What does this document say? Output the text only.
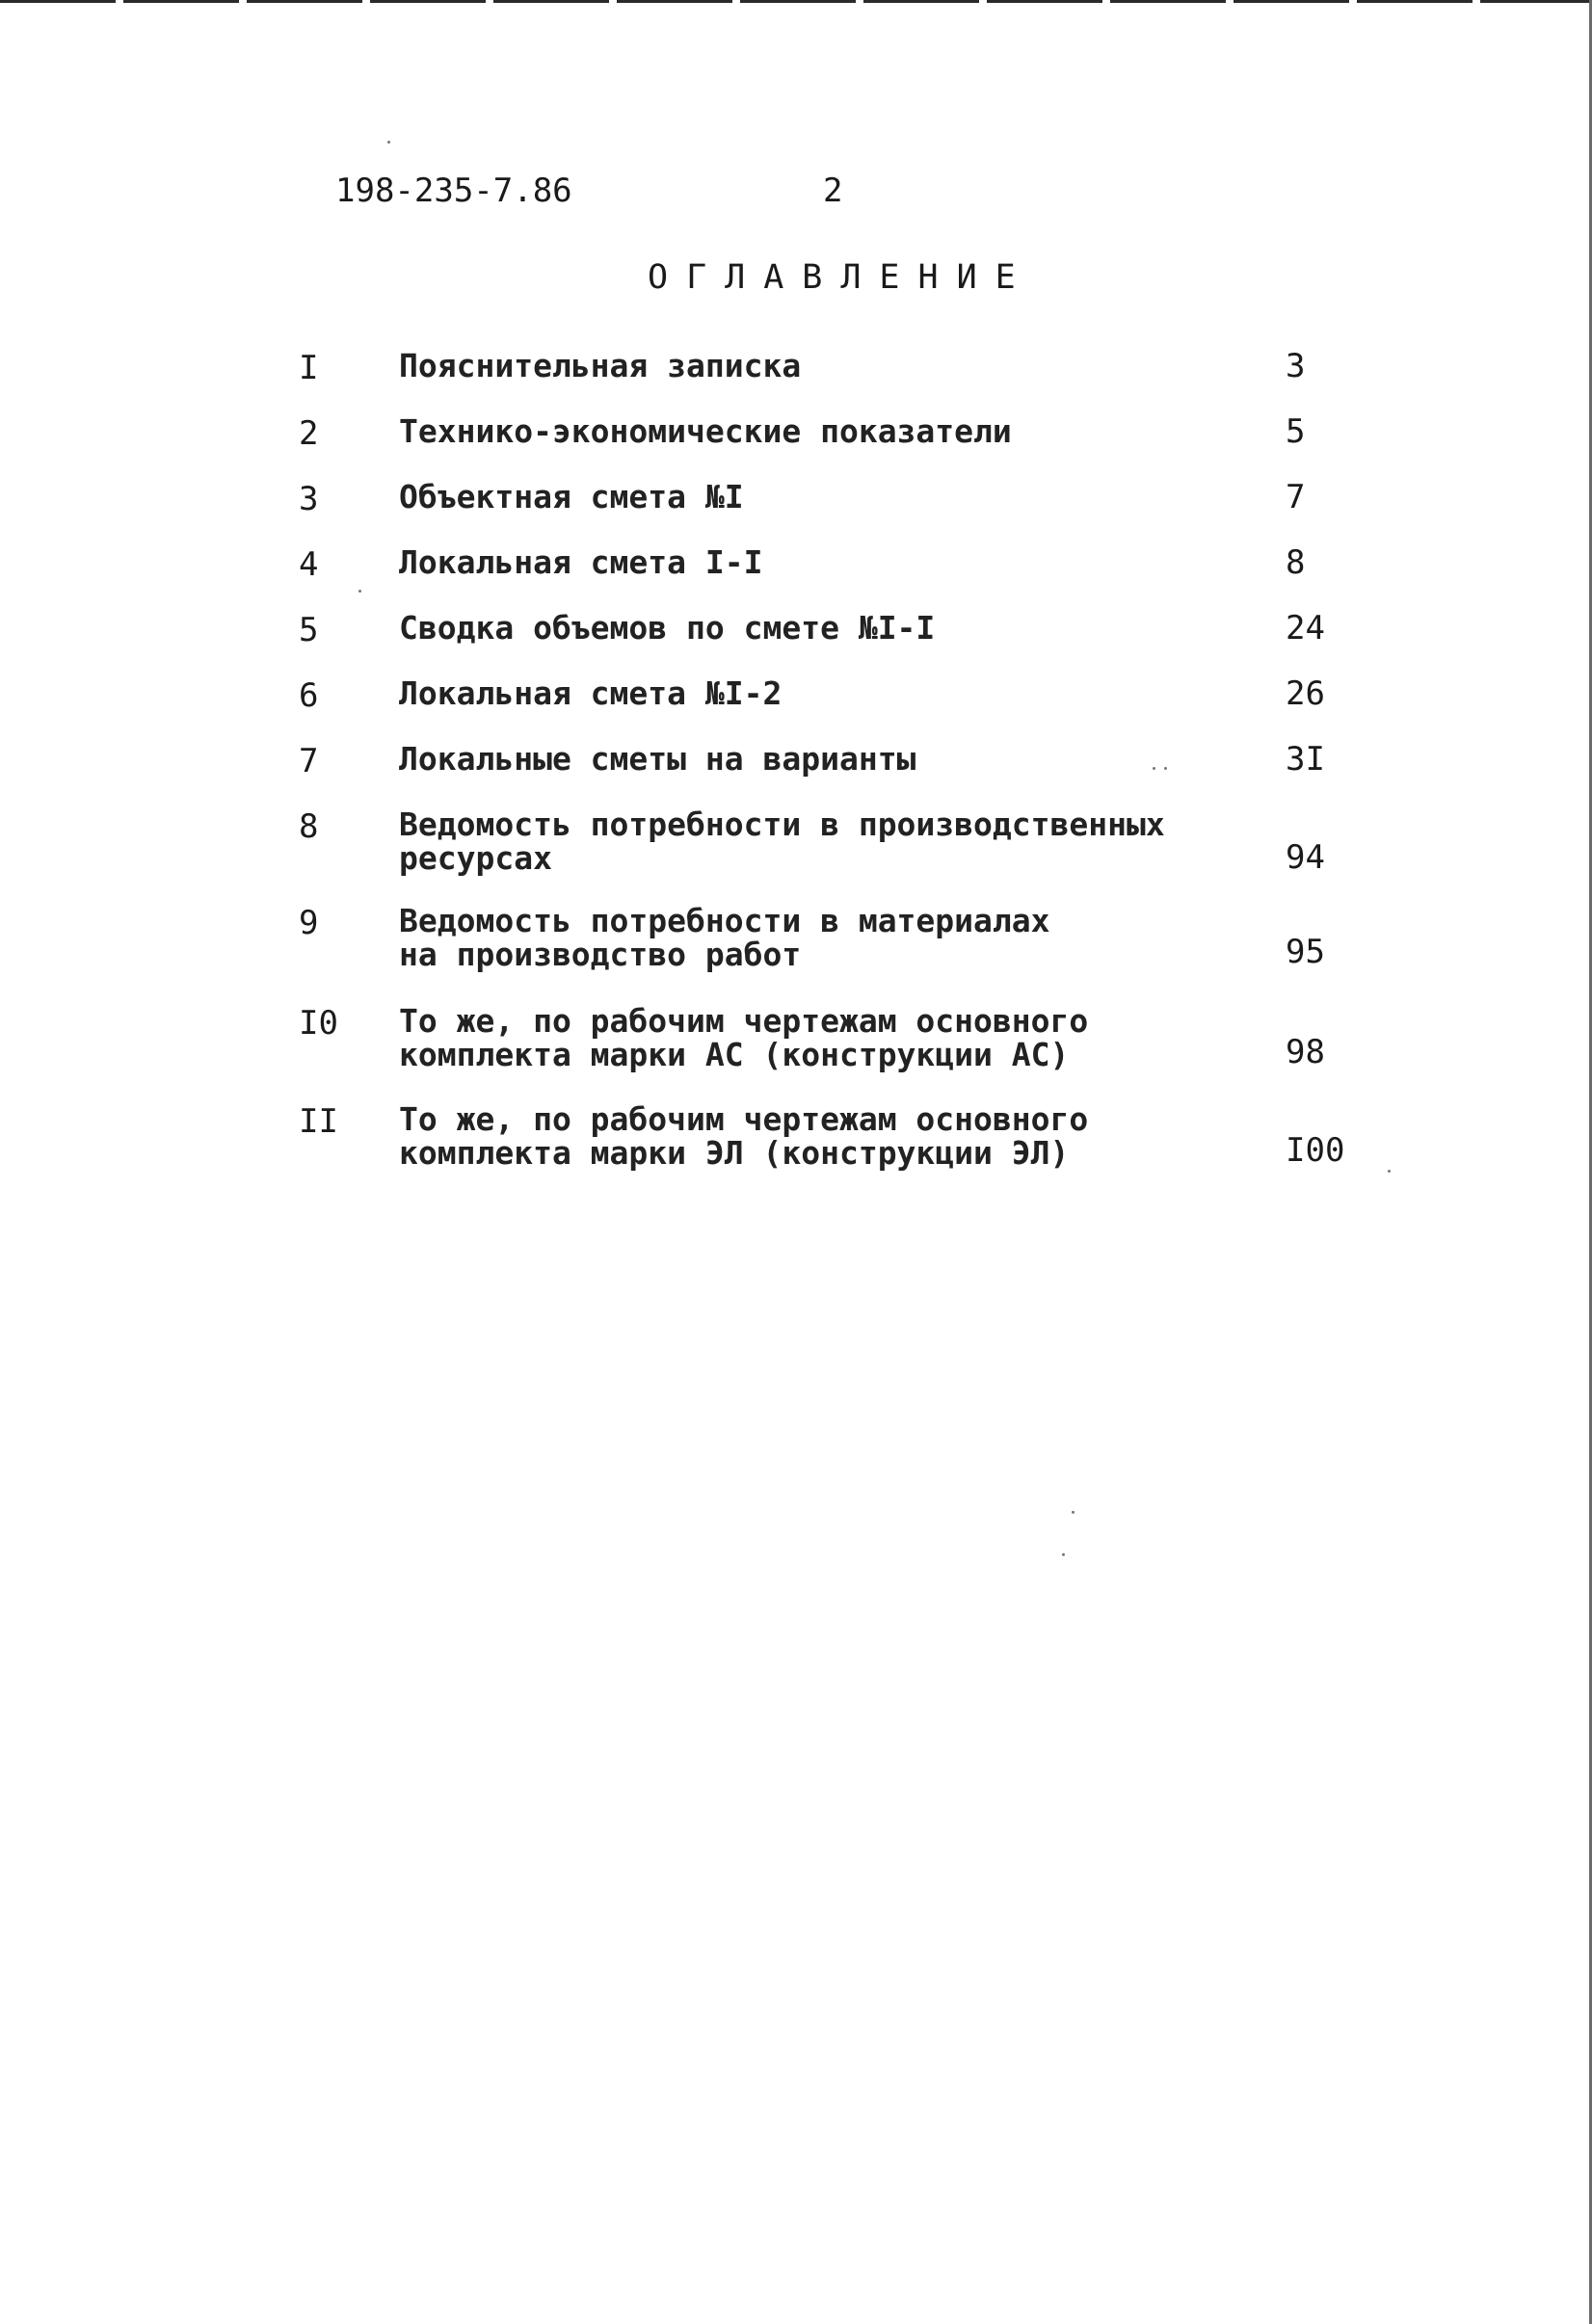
198-235-7.86	2
ОГЛАВЛЕНИЕ
I	Пояснительная записка	3
2	Технико-экономические показатели	5
3	Объектная смета №I	7
4	Локальная смета I-I	8
5	Сводка объемов по смете №I-I	24
6	Локальная смета №I-2	26
7	Локальные сметы на варианты	3I
8	Ведомость потребности в производственных
ресурсах	94
9	Ведомость потребности в материалах
на производство работ	95
I0 То же, по рабочим чертежам основного
комплекта марки АС (конструкции АС)	98
II То же, по рабочим чертежам основного
комплекта марки ЭЛ (конструкции ЭЛ)	I00
